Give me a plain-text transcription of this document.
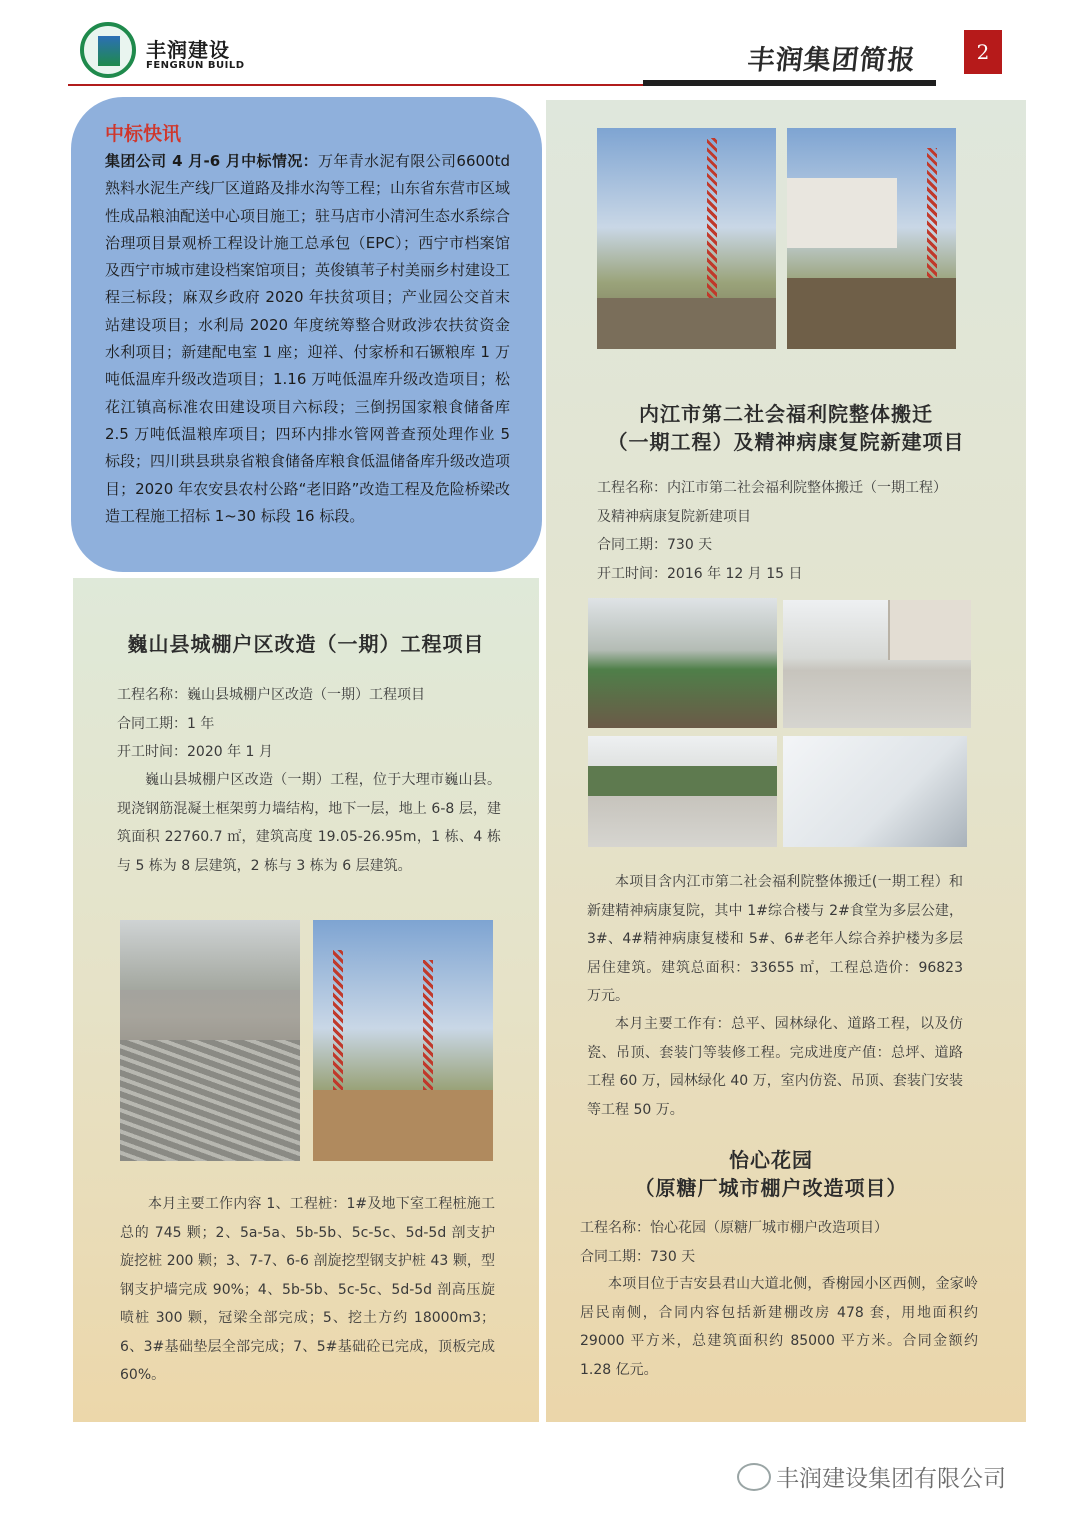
丰润建设
FENGRUN BUILD	丰润集团简报	2
中标快讯
集团公司 4 月-6 月中标情况：万年青水泥有限公司6600td 熟料水泥生产线厂区道路及排水沟等工程；山东省东营市区域性成品粮油配送中心项目施工；驻马店市小清河生态水系综合治理项目景观桥工程设计施工总承包（EPC）；西宁市档案馆及西宁市城市建设档案馆项目；英俊镇苇子村美丽乡村建设工程三标段；麻双乡政府 2020 年扶贫项目；产业园公交首末站建设项目；水利局 2020 年度统筹整合财政涉农扶贫资金水利项目；新建配电室 1 座；迎祥、付家桥和石镢粮库 1 万吨低温库升级改造项目；1.16 万吨低温库升级改造项目；松花江镇高标准农田建设项目六标段；三倒拐国家粮食储备库 2.5 万吨低温粮库项目；四环内排水管网普查预处理作业 5 标段；四川珙县珙泉省粮食储备库粮食低温储备库升级改造项目；2020 年农安县农村公路“老旧路”改造工程及危险桥梁改造工程施工招标 1~30 标段 16 标段。
巍山县城棚户区改造（一期）工程项目
工程名称：巍山县城棚户区改造（一期）工程项目
合同工期：1 年
开工时间：2020 年 1 月
巍山县城棚户区改造（一期）工程，位于大理市巍山县。现浇钢筋混凝土框架剪力墙结构，地下一层，地上 6-8 层，建筑面积 22760.7 ㎡，建筑高度 19.05-26.95m，1 栋、4 栋与 5 栋为 8 层建筑，2 栋与 3 栋为 6 层建筑。
本月主要工作内容 1、工程桩：1#及地下室工程桩施工总的 745 颗；2、5a-5a、5b-5b、5c-5c、5d-5d 剖支护旋挖桩 200 颗；3、7-7、6-6 剖旋挖型钢支护桩 43 颗，型钢支护墙完成 90%；4、5b-5b、5c-5c、5d-5d 剖高压旋喷桩 300 颗，冠梁全部完成；5、挖土方约 18000m3；6、3#基础垫层全部完成；7、5#基础砼已完成，顶板完成 60%。
内江市第二社会福利院整体搬迁
（一期工程）及精神病康复院新建项目
工程名称：内江市第二社会福利院整体搬迁（一期工程）
及精神病康复院新建项目
合同工期：730 天
开工时间：2016 年 12 月 15 日
本项目含内江市第二社会福利院整体搬迁(一期工程）和新建精神病康复院，其中 1#综合楼与 2#食堂为多层公建，3#、4#精神病康复楼和 5#、6#老年人综合养护楼为多层居住建筑。建筑总面积：33655 ㎡，工程总造价：96823 万元。
本月主要工作有：总平、园林绿化、道路工程，以及仿瓷、吊顶、套装门等装修工程。完成进度产值：总坪、道路工程 60 万，园林绿化 40 万，室内仿瓷、吊顶、套装门安装等工程 50 万。
怡心花园
（原糖厂城市棚户改造项目）
工程名称：怡心花园（原糖厂城市棚户改造项目）
合同工期：730 天
本项目位于吉安县君山大道北侧，香榭园小区西侧，金家岭居民南侧，合同内容包括新建棚改房 478 套，用地面积约 29000 平方米，总建筑面积约 85000 平方米。合同金额约 1.28 亿元。
丰润建设集团有限公司
